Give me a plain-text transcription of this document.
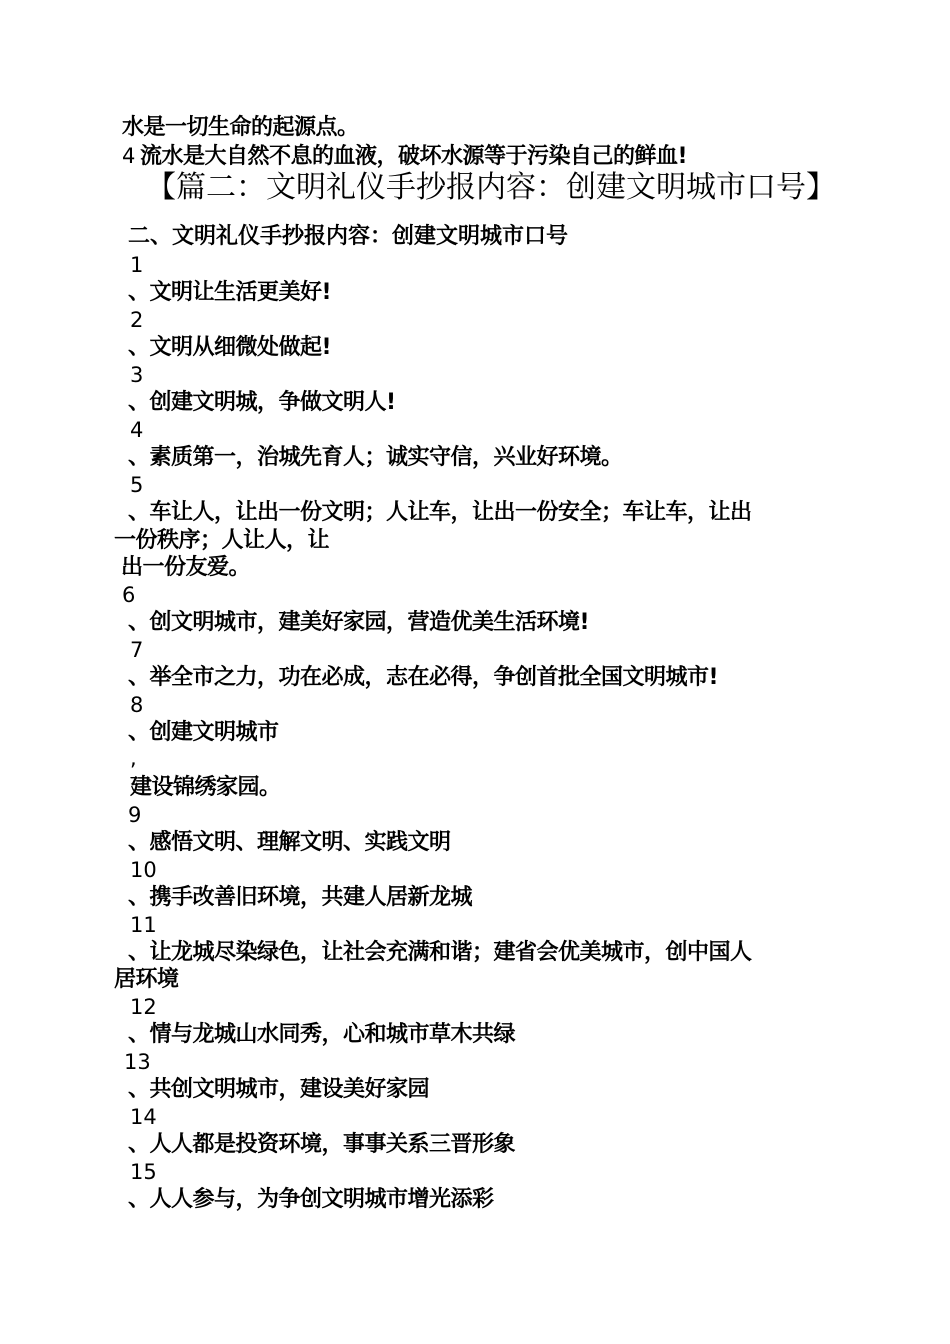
水是一切生命的起源点。
4 流水是大自然不息的血液，破坏水源等于污染自己的鲜血!
【篇二：文明礼仪手抄报内容：创建文明城市口号】
二、文明礼仪手抄报内容：创建文明城市口号
1
、文明让生活更美好!
2
、文明从细微处做起!
3
、创建文明城，争做文明人!
4
、素质第一，治城先育人；诚实守信，兴业好环境。
5
、车让人，让出一份文明；人让车，让出一份安全；车让车，让出
一份秩序；人让人，让
出一份友爱。
6
、创文明城市，建美好家园，营造优美生活环境!
7
、举全市之力，功在必成，志在必得，争创首批全国文明城市!
8
、创建文明城市
,
建设锦绣家园。
9
、感悟文明、理解文明、实践文明
10
、携手改善旧环境，共建人居新龙城
11
、让龙城尽染绿色，让社会充满和谐；建省会优美城市，创中国人
居环境
12
、情与龙城山水同秀，心和城市草木共绿
13
、共创文明城市，建设美好家园
14
、人人都是投资环境，事事关系三晋形象
15
、人人参与，为争创文明城市增光添彩
